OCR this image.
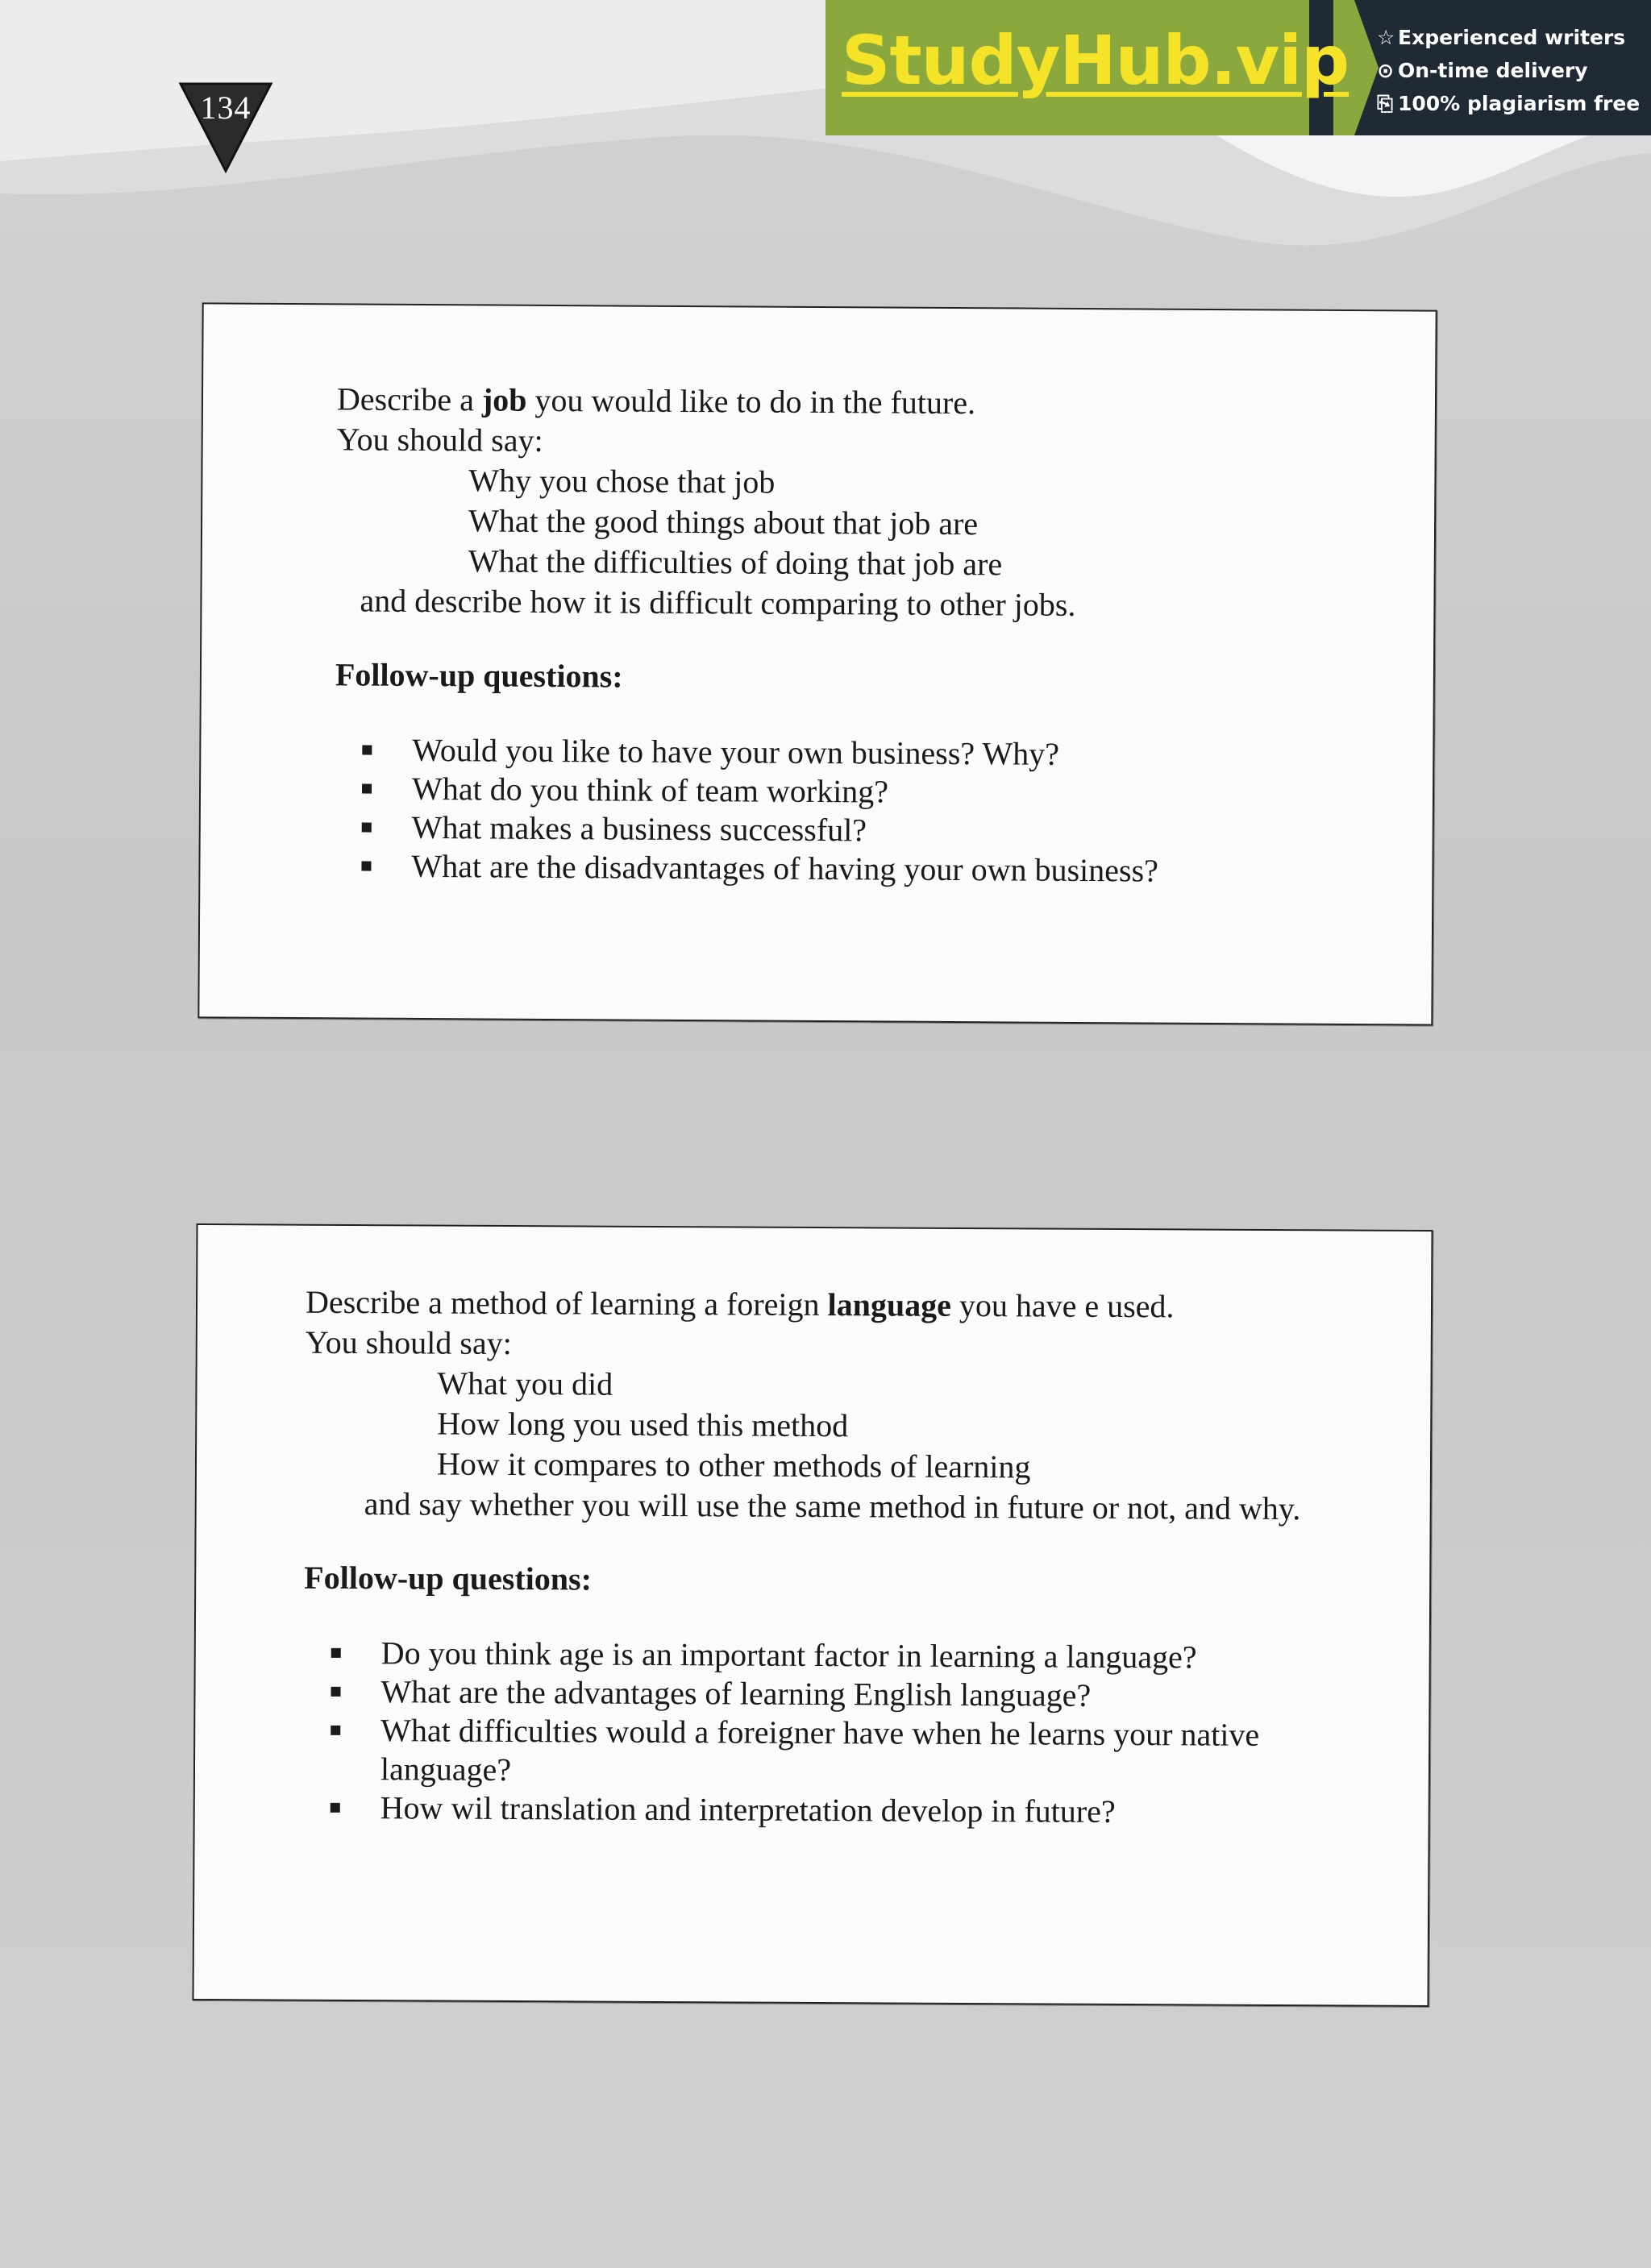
134
StudyHub.vip ☆ Experienced writers
⊙ On-time delivery
⎘ 100% plagiarism free
Describe a job you would like to do in the future.
You should say:
Why you chose that job
What the good things about that job are
What the difficulties of doing that job are
and describe how it is difficult comparing to other jobs.
Follow-up questions:
Would you like to have your own business? Why?
What do you think of team working?
What makes a business successful?
What are the disadvantages of having your own business?
Describe a method of learning a foreign language you have e used.
You should say:
What you did
How long you used this method
How it compares to other methods of learning
and say whether you will use the same method in future or not, and why.
Follow-up questions:
Do you think age is an important factor in learning a language?
What are the advantages of learning English language?
What difficulties would a foreigner have when he learns your native language?
How wil translation and interpretation develop in future?
